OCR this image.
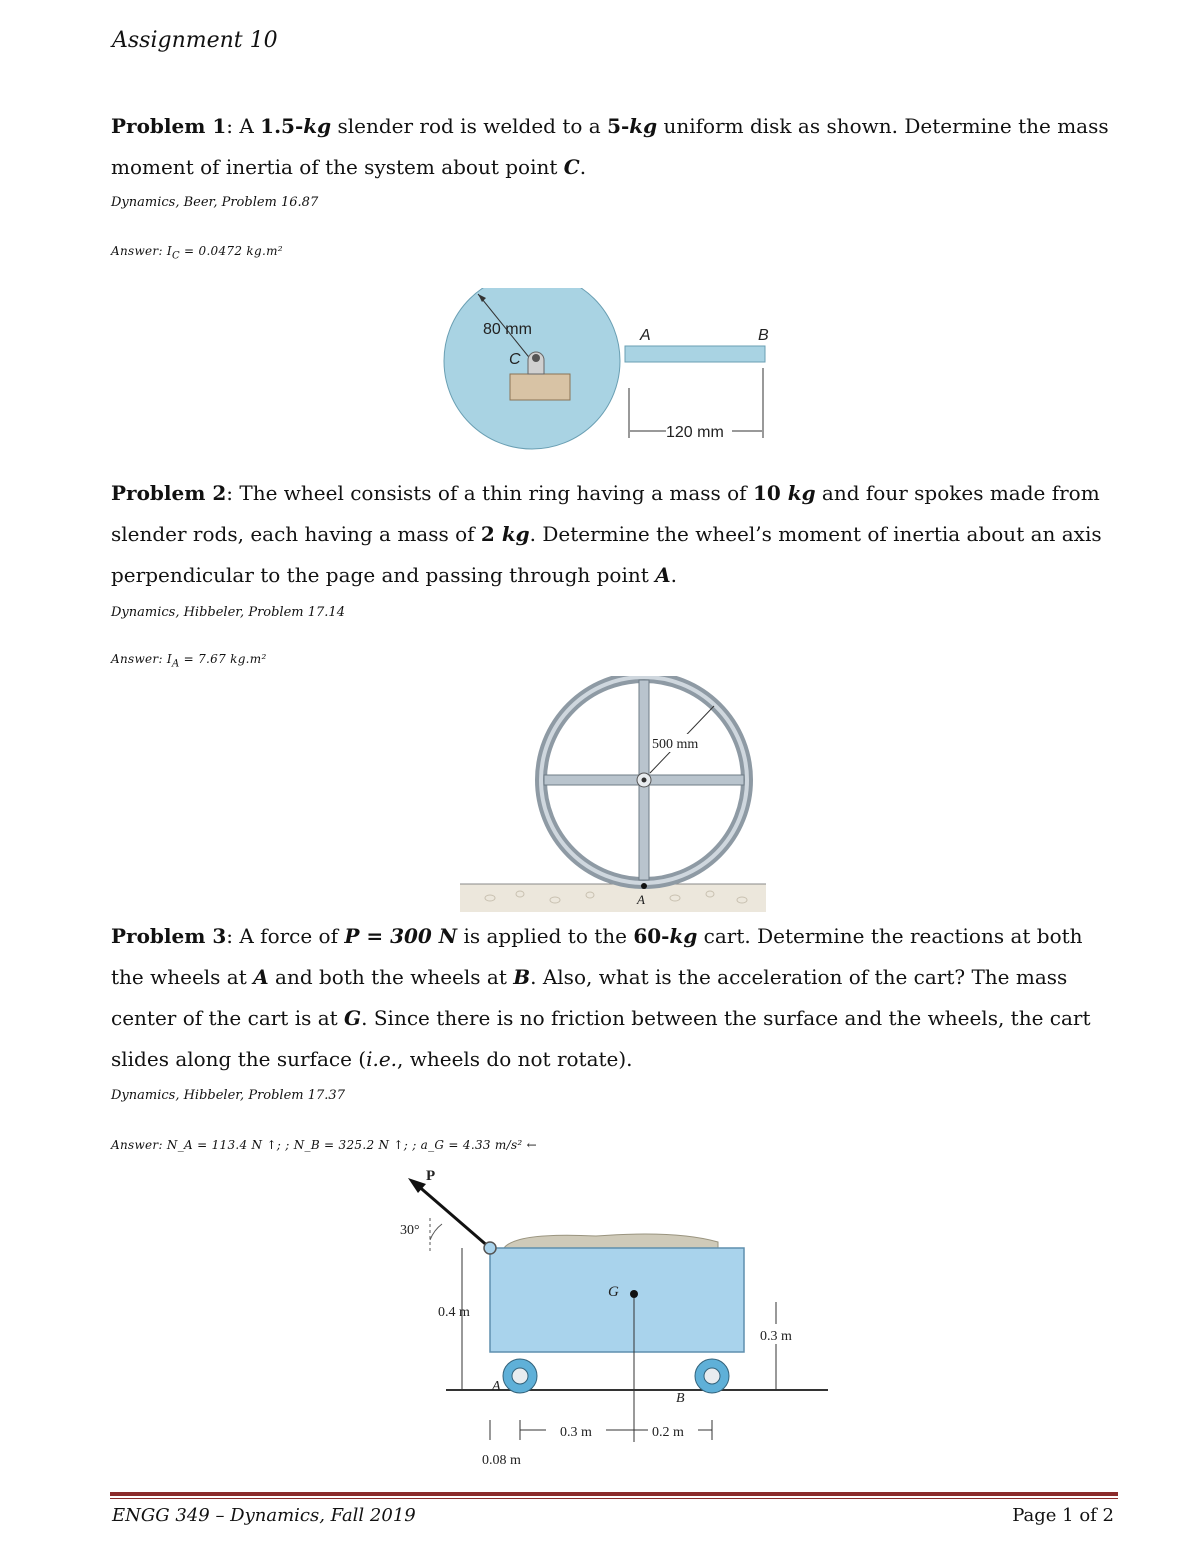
Assignment 10
Problem 1: A 1.5-kg slender rod is welded to a 5-kg uniform disk as shown. Determine the mass moment of inertia of the system about point C.
Dynamics, Beer, Problem 16.87
Answer: $I_C = 0.0472$ kg.m²
80 mm
C
A	B
120 mm
Problem 2: The wheel consists of a thin ring having a mass of 10 kg and four spokes made from slender rods, each having a mass of 2 kg. Determine the wheel’s moment of inertia about an axis perpendicular to the page and passing through point A.
Dynamics, Hibbeler, Problem 17.14
Answer: $I_A = 7.67$ kg.m²
500 mm
A
Problem 3: A force of P = 300 N is applied to the 60-kg cart. Determine the reactions at both the wheels at A and both the wheels at B. Also, what is the acceleration of the cart? The mass center of the cart is at G. Since there is no friction between the surface and the wheels, the cart slides along the surface (i.e., wheels do not rotate).
Dynamics, Hibbeler, Problem 17.37
Answer: N_A = 113.4 N ↑; ; N_B = 325.2 N ↑; ; a_G = 4.33 m/s² ←
P
30°
G
A
B
0.4 m
0.3 m
0.3 m	0.2 m
0.08 m
ENGG 349 – Dynamics, Fall 2019	Page 1 of 2
